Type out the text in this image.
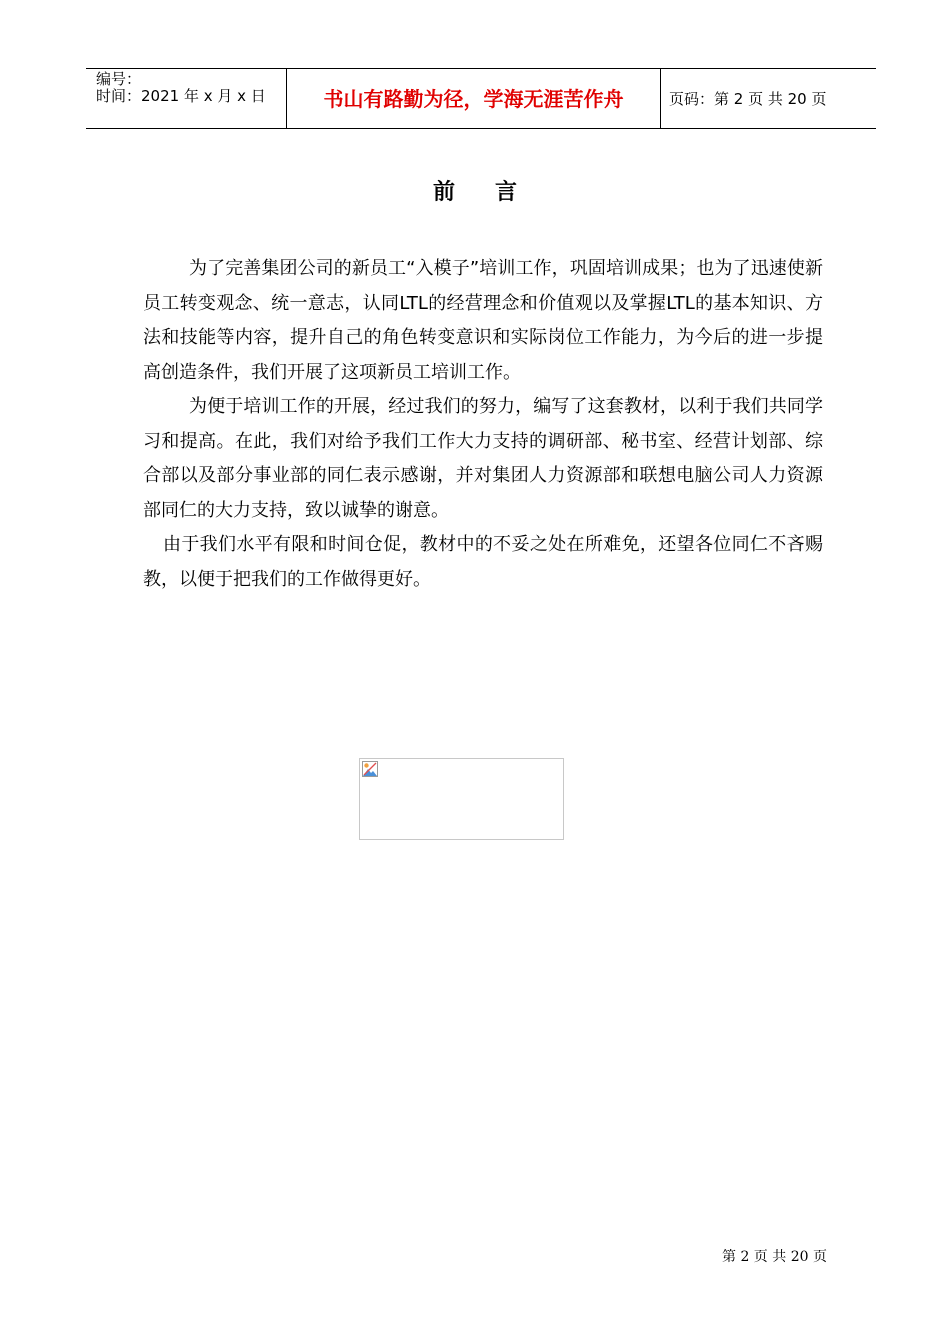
编号：
时间：2021 年 x 月 x 日	书山有路勤为径，学海无涯苦作舟	页码：第 2 页 共 20 页
前言

为了完善集团公司的新员工“入模子”培训工作，巩固培训成果；也为了迅速使新员工转变观念、统一意志，认同LTL的经营理念和价值观以及掌握LTL的基本知识、方法和技能等内容，提升自己的角色转变意识和实际岗位工作能力，为今后的进一步提高创造条件，我们开展了这项新员工培训工作。

为便于培训工作的开展，经过我们的努力，编写了这套教材，以利于我们共同学习和提高。在此，我们对给予我们工作大力支持的调研部、秘书室、经营计划部、综合部以及部分事业部的同仁表示感谢，并对集团人力资源部和联想电脑公司人力资源部同仁的大力支持，致以诚挚的谢意。

由于我们水平有限和时间仓促，教材中的不妥之处在所难免，还望各位同仁不吝赐教，以便于把我们的工作做得更好。

第 2 页 共 20 页
